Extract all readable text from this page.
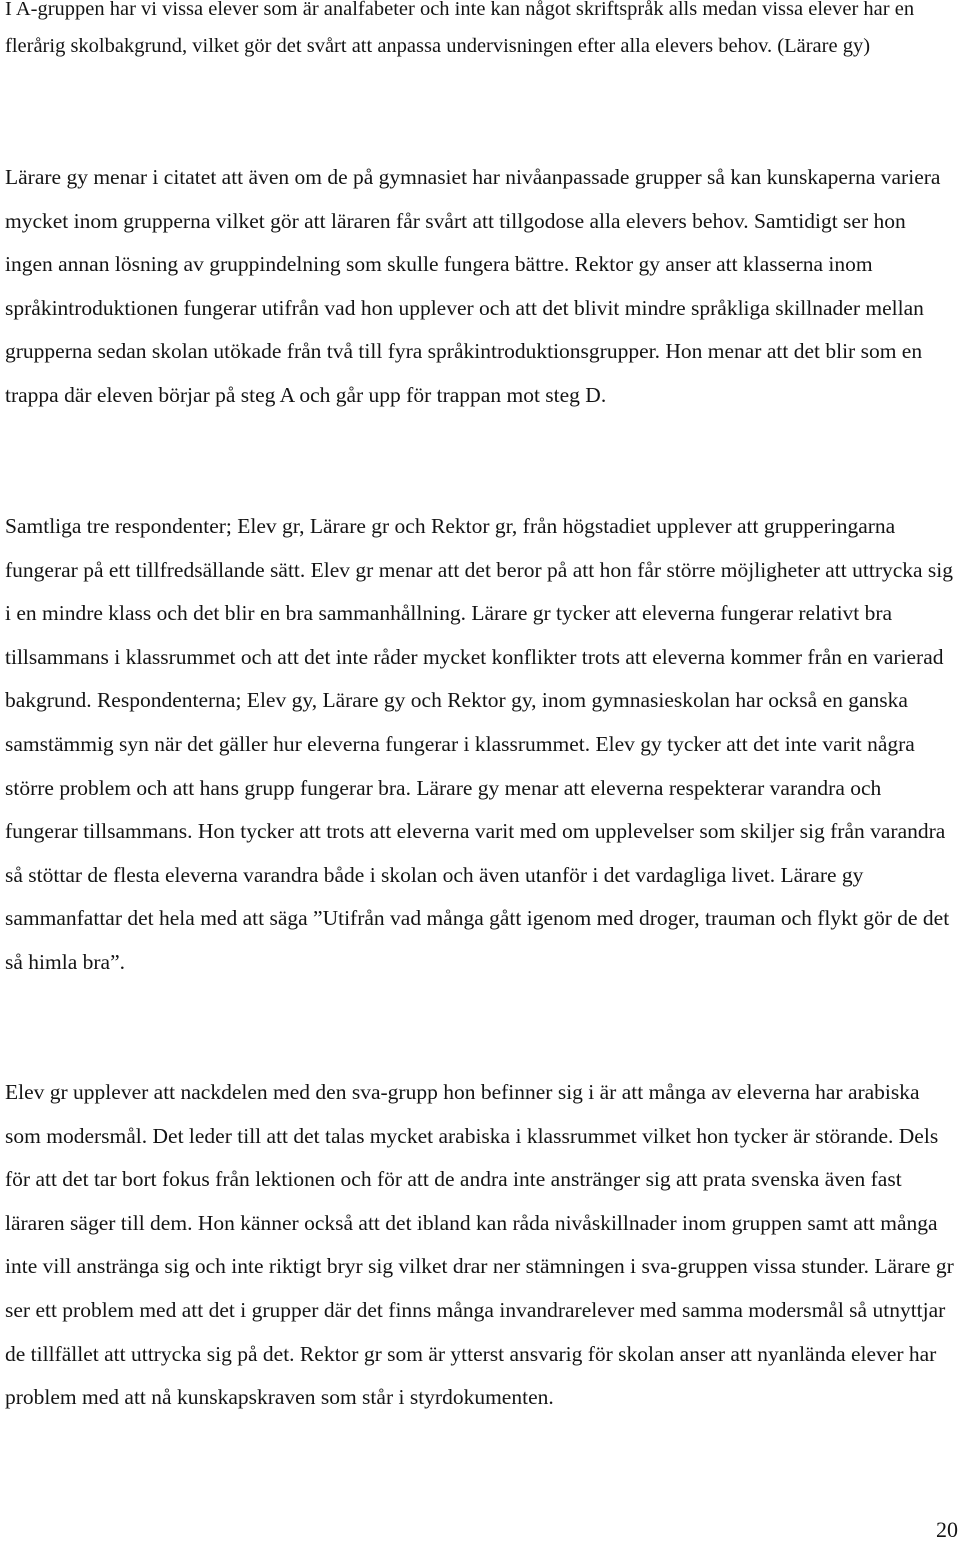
I A-gruppen har vi vissa elever som är analfabeter och inte kan något skriftspråk alls medan vissa elever har en flerårig skolbakgrund, vilket gör det svårt att anpassa undervisningen efter alla elevers behov. (Lärare gy)

Lärare gy menar i citatet att även om de på gymnasiet har nivåanpassade grupper så kan kunskaperna variera mycket inom grupperna vilket gör att läraren får svårt att tillgodose alla elevers behov. Samtidigt ser hon ingen annan lösning av gruppindelning som skulle fungera bättre. Rektor gy anser att klasserna inom språkintroduktionen fungerar utifrån vad hon upplever och att det blivit mindre språkliga skillnader mellan grupperna sedan skolan utökade från två till fyra språkintroduktionsgrupper. Hon menar att det blir som en trappa där eleven börjar på steg A och går upp för trappan mot steg D.

Samtliga tre respondenter; Elev gr, Lärare gr och Rektor gr, från högstadiet upplever att grupperingarna fungerar på ett tillfredsällande sätt. Elev gr menar att det beror på att hon får större möjligheter att uttrycka sig i en mindre klass och det blir en bra sammanhållning. Lärare gr tycker att eleverna fungerar relativt bra tillsammans i klassrummet och att det inte råder mycket konflikter trots att eleverna kommer från en varierad bakgrund. Respondenterna; Elev gy, Lärare gy och Rektor gy, inom gymnasieskolan har också en ganska samstämmig syn när det gäller hur eleverna fungerar i klassrummet. Elev gy tycker att det inte varit några större problem och att hans grupp fungerar bra. Lärare gy menar att eleverna respekterar varandra och fungerar tillsammans. Hon tycker att trots att eleverna varit med om upplevelser som skiljer sig från varandra så stöttar de flesta eleverna varandra både i skolan och även utanför i det vardagliga livet. Lärare gy sammanfattar det hela med att säga ”Utifrån vad många gått igenom med droger, trauman och flykt gör de det så himla bra”.

Elev gr upplever att nackdelen med den sva-grupp hon befinner sig i är att många av eleverna har arabiska som modersmål. Det leder till att det talas mycket arabiska i klassrummet vilket hon tycker är störande. Dels för att det tar bort fokus från lektionen och för att de andra inte anstränger sig att prata svenska även fast läraren säger till dem. Hon känner också att det ibland kan råda nivåskillnader inom gruppen samt att många inte vill anstränga sig och inte riktigt bryr sig vilket drar ner stämningen i sva-gruppen vissa stunder. Lärare gr ser ett problem med att det i grupper där det finns många invandrarelever med samma modersmål så utnyttjar de tillfället att uttrycka sig på det. Rektor gr som är ytterst ansvarig för skolan anser att nyanlända elever har problem med att nå kunskapskraven som står i styrdokumenten.

20
